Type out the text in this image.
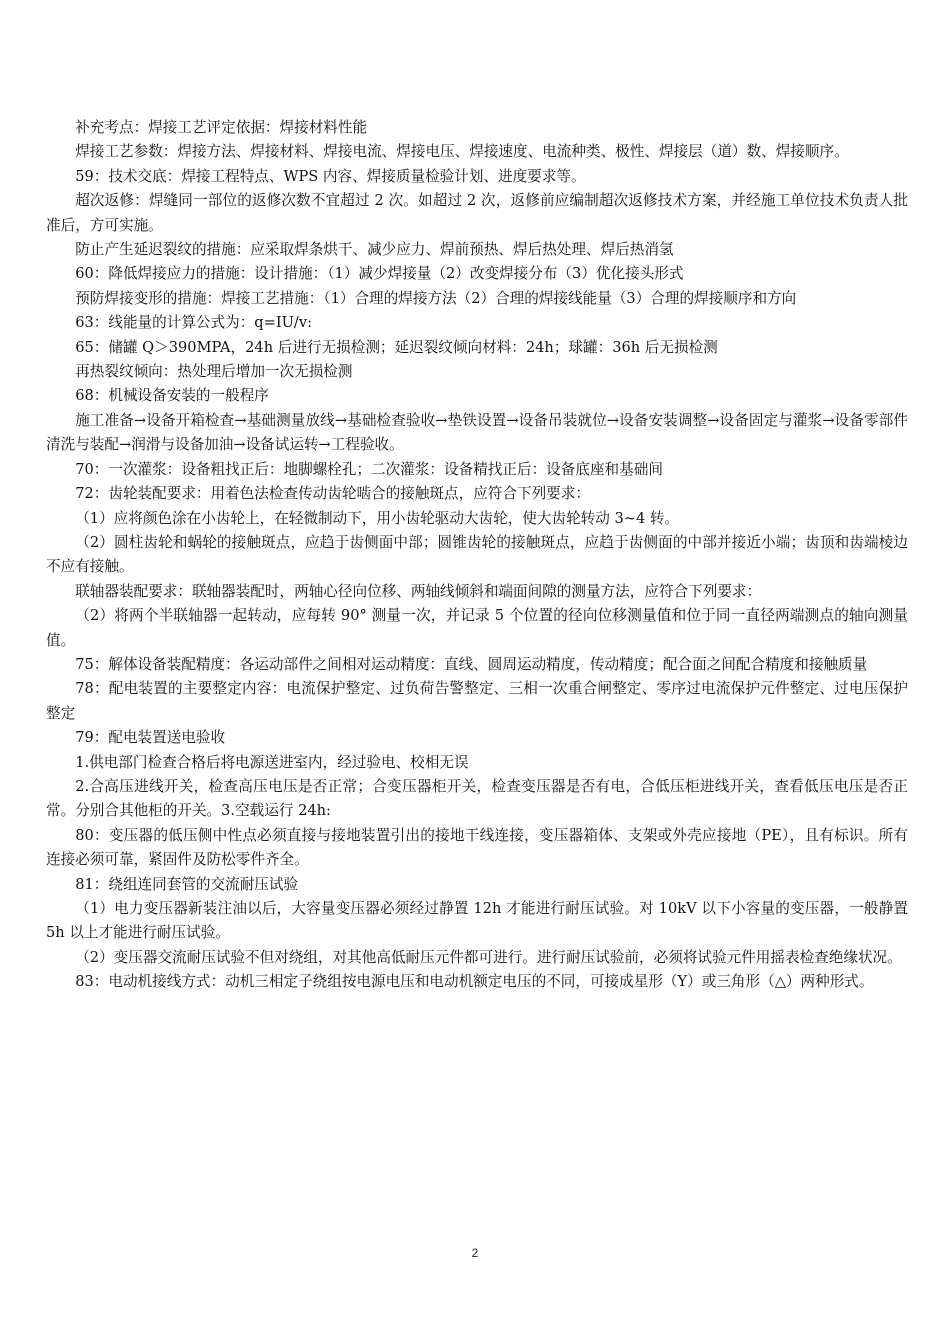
补充考点：焊接工艺评定依据：焊接材料性能

焊接工艺参数：焊接方法、焊接材料、焊接电流、焊接电压、焊接速度、电流种类、极性、焊接层（道）数、焊接顺序。

59：技术交底：焊接工程特点、WPS 内容、焊接质量检验计划、进度要求等。

超次返修：焊缝同一部位的返修次数不宜超过 2 次。如超过 2 次，返修前应编制超次返修技术方案，并经施工单位技术负责人批准后，方可实施。

防止产生延迟裂纹的措施：应采取焊条烘干、减少应力、焊前预热、焊后热处理、焊后热消氢

60：降低焊接应力的措施：设计措施：（1）减少焊接量（2）改变焊接分布（3）优化接头形式

预防焊接变形的措施：焊接工艺措施：（1）合理的焊接方法（2）合理的焊接线能量（3）合理的焊接顺序和方向

63：线能量的计算公式为：q=IU/v:

65：储罐 Q＞390MPA，24h 后进行无损检测；延迟裂纹倾向材料：24h；球罐：36h 后无损检测

再热裂纹倾向：热处理后增加一次无损检测

68：机械设备安装的一般程序

施工准备→设备开箱检查→基础测量放线→基础检查验收→垫铁设置→设备吊装就位→设备安装调整→设备固定与灌浆→设备零部件清洗与装配→润滑与设备加油→设备试运转→工程验收。

70：一次灌浆：设备粗找正后：地脚螺栓孔；二次灌浆：设备精找正后：设备底座和基础间

72：齿轮装配要求：用着色法检查传动齿轮啮合的接触斑点，应符合下列要求：

（1）应将颜色涂在小齿轮上，在轻微制动下，用小齿轮驱动大齿轮，使大齿轮转动 3~4 转。

（2）圆柱齿轮和蜗轮的接触斑点，应趋于齿侧面中部；圆锥齿轮的接触斑点，应趋于齿侧面的中部并接近小端；齿顶和齿端棱边不应有接触。

联轴器装配要求：联轴器装配时，两轴心径向位移、两轴线倾斜和端面间隙的测量方法，应符合下列要求：

（2）将两个半联轴器一起转动，应每转 90° 测量一次，并记录 5 个位置的径向位移测量值和位于同一直径两端测点的轴向测量值。

75：解体设备装配精度：各运动部件之间相对运动精度：直线、圆周运动精度，传动精度；配合面之间配合精度和接触质量

78：配电装置的主要整定内容：电流保护整定、过负荷告警整定、三相一次重合闸整定、零序过电流保护元件整定、过电压保护整定

79：配电装置送电验收

1.供电部门检查合格后将电源送进室内，经过验电、校相无误

2.合高压进线开关，检查高压电压是否正常；合变压器柜开关，检查变压器是否有电，合低压柜进线开关，查看低压电压是否正常。分别合其他柜的开关。3.空载运行 24h:

80：变压器的低压侧中性点必须直接与接地装置引出的接地干线连接，变压器箱体、支架或外壳应接地（PE），且有标识。所有连接必须可靠，紧固件及防松零件齐全。

81：绕组连同套管的交流耐压试验

（1）电力变压器新装注油以后，大容量变压器必须经过静置 12h 才能进行耐压试验。对 10kV 以下小容量的变压器，一般静置 5h 以上才能进行耐压试验。

（2）变压器交流耐压试验不但对绕组，对其他高低耐压元件都可进行。进行耐压试验前，必须将试验元件用摇表检查绝缘状况。

83：电动机接线方式：动机三相定子绕组按电源电压和电动机额定电压的不同，可接成星形（Y）或三角形（△）两种形式。

2
